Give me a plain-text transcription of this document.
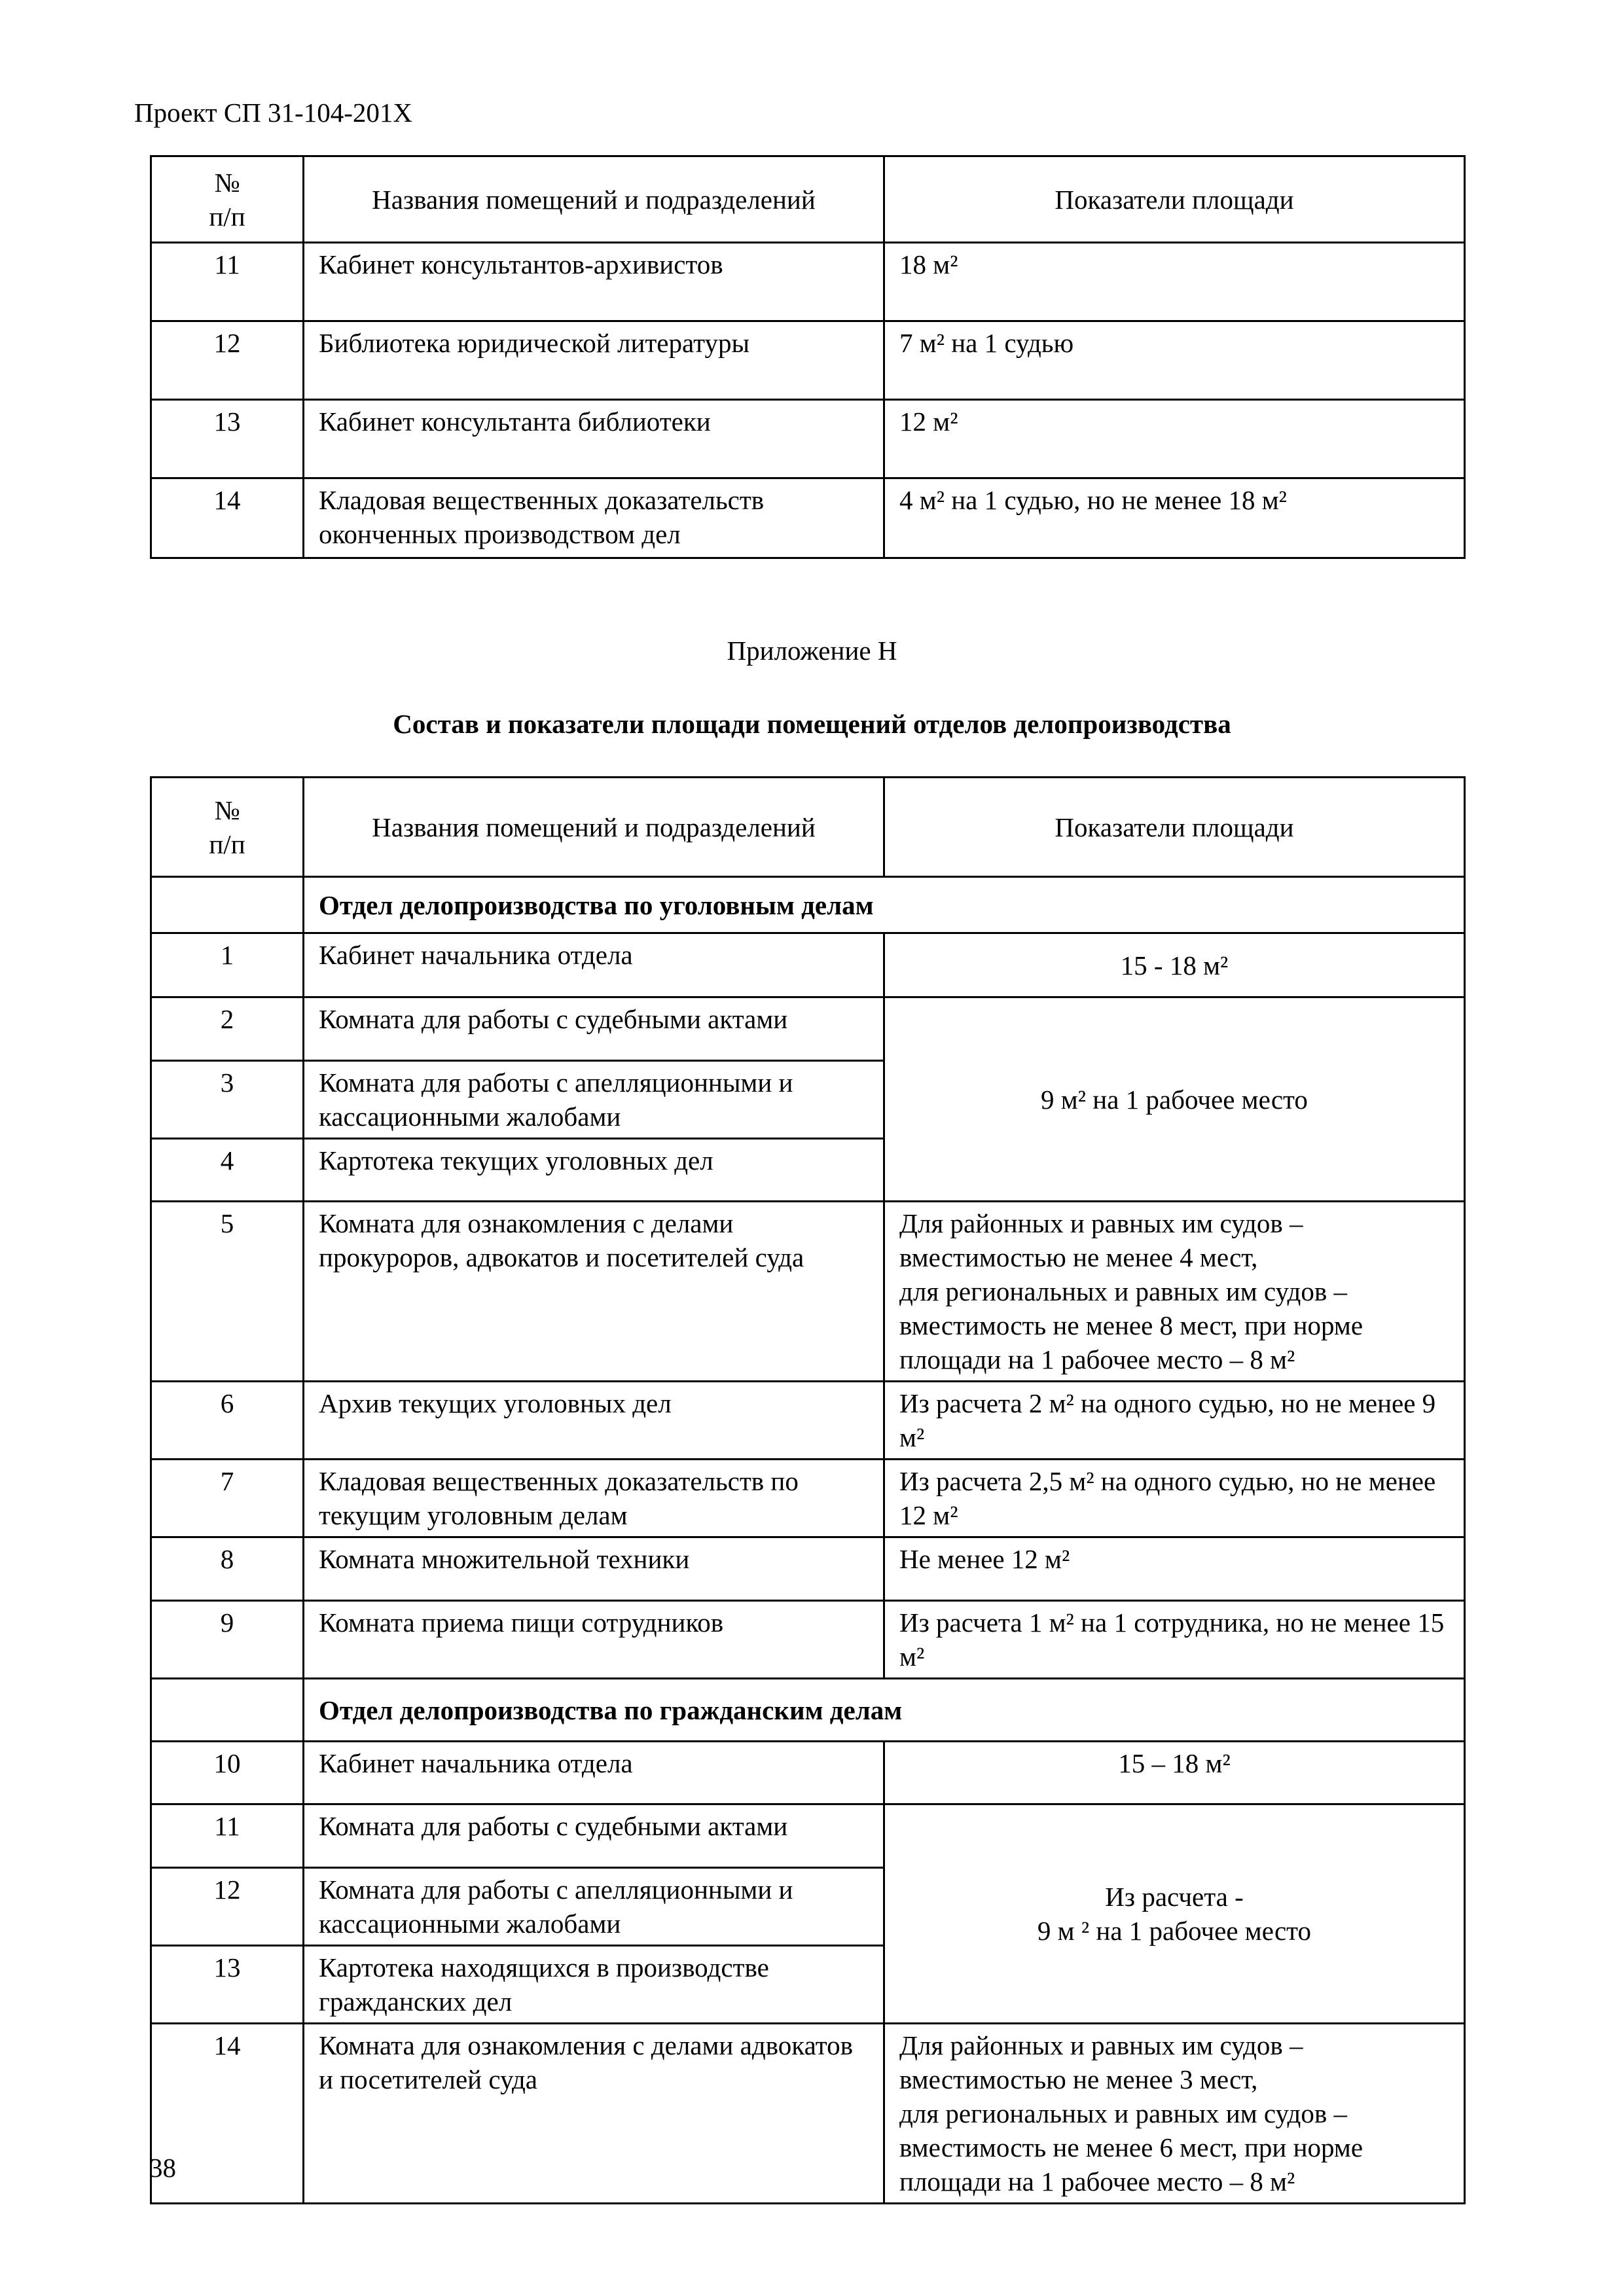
Проект СП 31-104-201Х
№
п/п	Названия помещений и подразделений	Показатели площади
11	Кабинет консультантов-архивистов	18 м²
12	Библиотека юридической литературы	7 м² на 1 судью
13	Кабинет консультанта библиотеки	12 м²
14	Кладовая вещественных доказательств окончeнных производством дел	4 м² на 1 судью, но не менее 18 м²
Приложение Н
Состав и показатели площади помещений отделов делопроизводства
№
п/п	Названия помещений и подразделений	Показатели площади
	Отдел делопроизводства по уголовным делам	
1	Кабинет начальника отдела	15 - 18 м²
2	Комната для работы с судебными актами	9 м² на 1 рабочее место
3	Комната для работы с апелляционными и кассационными жалобами	
4	Картотека текущих уголовных дел	
5	Комната для ознакомления с делами прокуроров, адвокатов и посетителей суда	Для районных и равных им судов –
вместимостью не менее 4 мест,
для региональных и равных им судов –
вместимость не менее 8 мест, при норме площади на 1 рабочее место – 8 м²
6	Архив текущих уголовных дел	Из расчета 2 м² на одного судью, но не менее 9 м²
7	Кладовая вещественных доказательств по текущим уголовным делам	Из расчета 2,5 м² на одного судью, но не менее 12 м²
8	Комната множительной техники	Не менее 12 м²
9	Комната приема пищи сотрудников	Из расчета 1 м² на 1 сотрудника, но не менее 15 м²
	Отдел делопроизводства по гражданским делам	
10	Кабинет начальника отдела	15 – 18 м²
11	Комната для работы с судебными актами	Из расчета -
9 м ² на 1 рабочее место
12	Комната для работы с апелляционными и кассационными жалобами	
13	Картотека находящихся в производстве гражданских дел	
14	Комната для ознакомления с делами адвокатов и посетителей суда	Для районных и равных им судов –
вместимостью не менее 3 мест,
для региональных и равных им судов –
вместимость не менее 6 мест, при норме площади на 1 рабочее место – 8 м²
38
